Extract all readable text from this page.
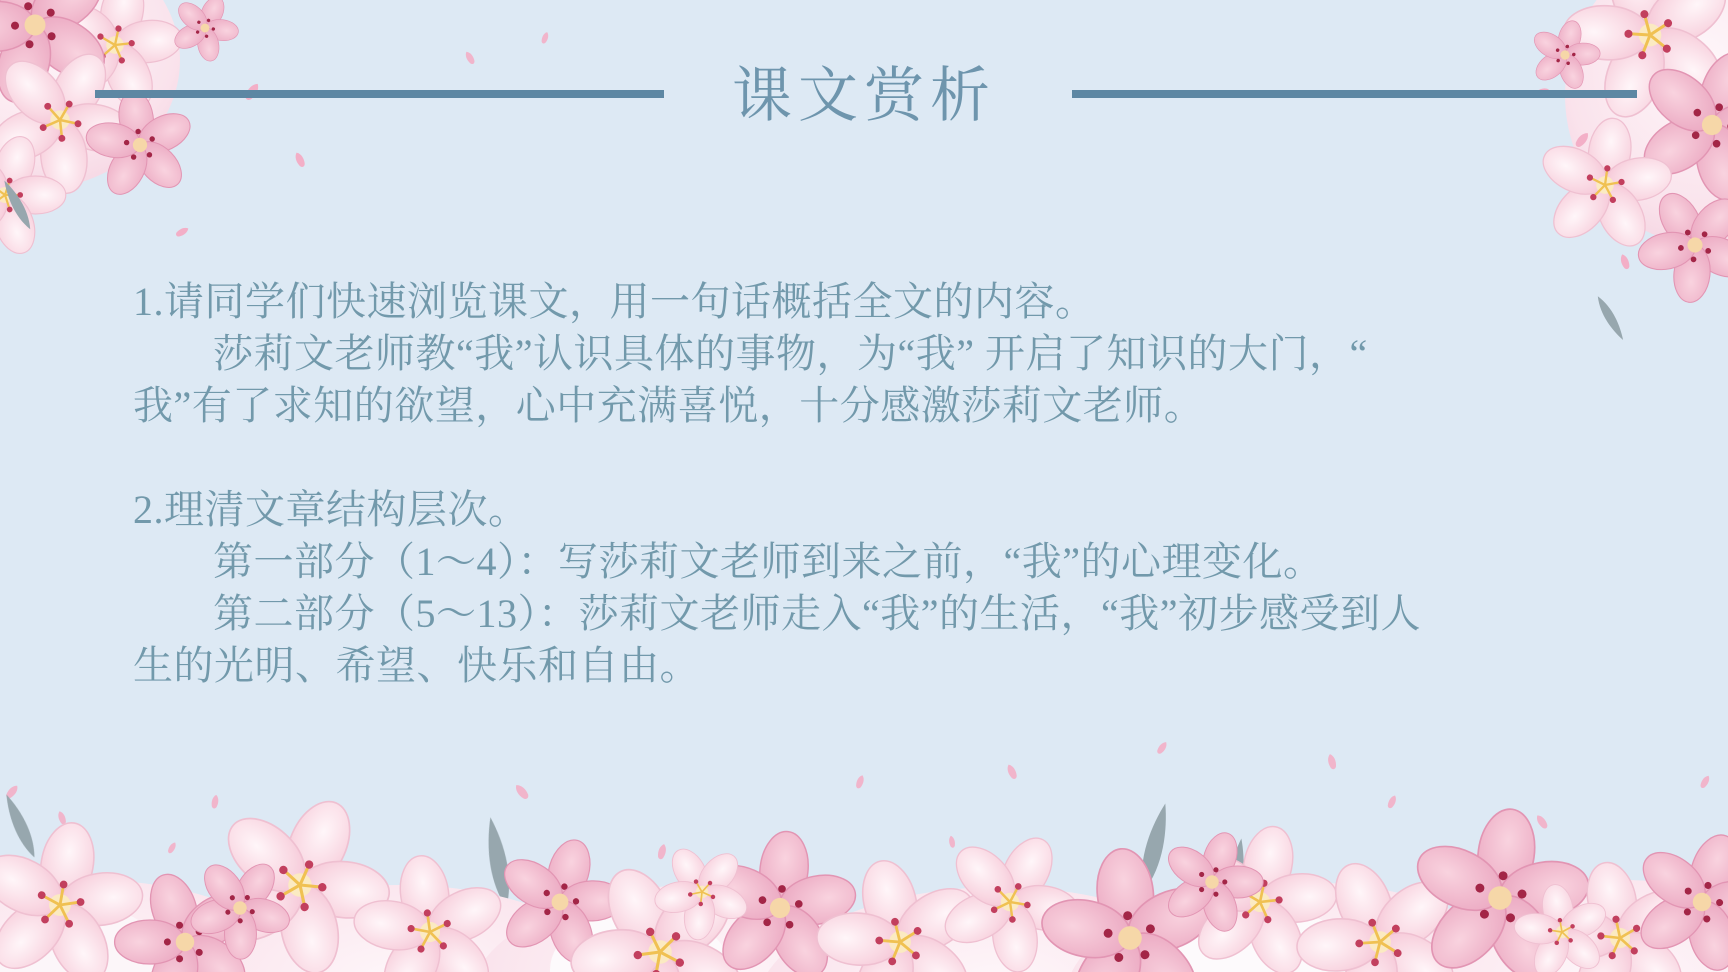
课文赏析
1.请同学们快速浏览课文，用一句话概括全文的内容。
莎莉文老师教“我”认识具体的事物，为“我” 开启了知识的大门，“
我”有了求知的欲望，心中充满喜悦，十分感激莎莉文老师。
2.理清文章结构层次。
第一部分（1～4）：写莎莉文老师到来之前，“我”的心理变化。
第二部分（5～13）：莎莉文老师走入“我”的生活，“我”初步感受到人
生的光明、希望、快乐和自由。
